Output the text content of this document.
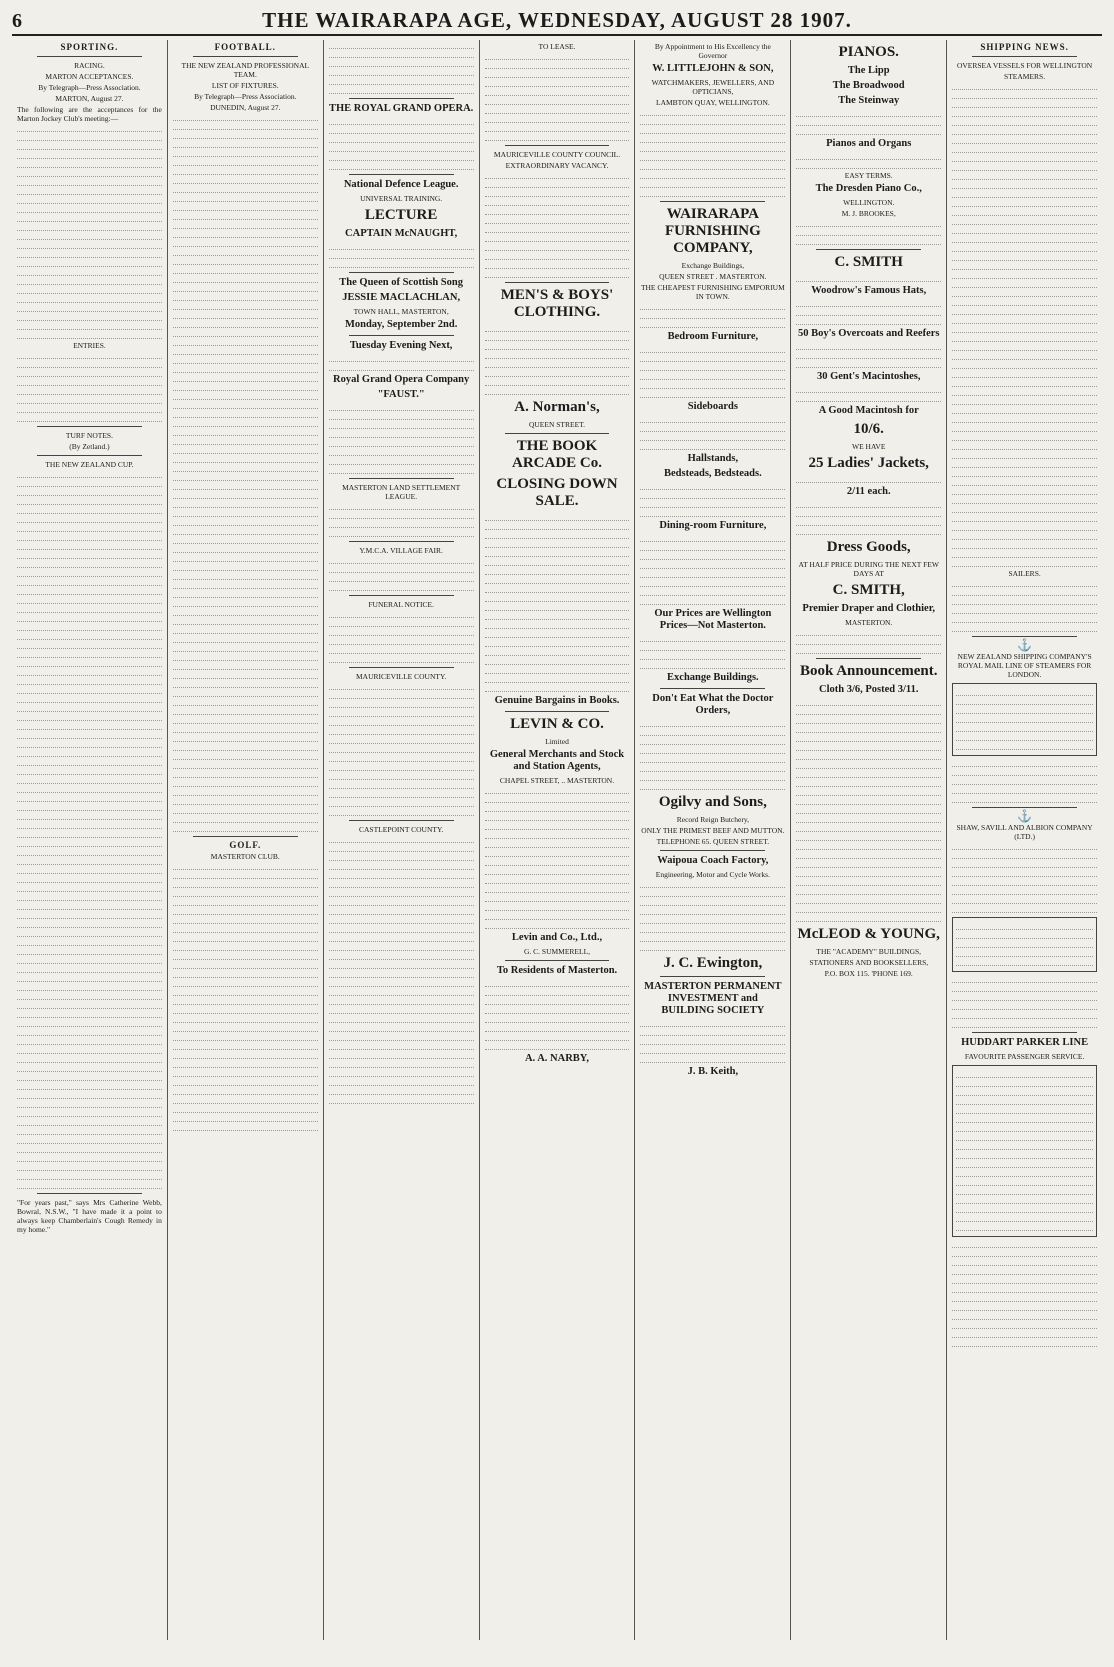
6	THE WAIRARAPA AGE, WEDNESDAY, AUGUST 28 1907.
SPORTING.
RACING.
MARTON ACCEPTANCES.
By Telegraph—Press Association.
MARTON, August 27.
The following are the acceptances for the Marton Jockey Club's meeting:—
ENTRIES.
TURF NOTES.
(By Zetland.)
THE NEW ZEALAND CUP.
"For years past," says Mrs Catherine Webb, Bowral, N.S.W., "I have made it a point to always keep Chamberlain's Cough Remedy in my home."
FOOTBALL.
THE NEW ZEALAND PROFESSIONAL TEAM.
LIST OF FIXTURES.
By Telegraph—Press Association.
DUNEDIN, August 27.
GOLF.
MASTERTON CLUB.
THE ROYAL GRAND OPERA.
National Defence League.
UNIVERSAL TRAINING.
LECTURE
CAPTAIN McNAUGHT,
The Queen of Scottish Song
JESSIE MACLACHLAN,
TOWN HALL, MASTERTON,
Monday, September 2nd.
Tuesday Evening Next,
Royal Grand Opera Company
"FAUST."
MASTERTON LAND SETTLEMENT LEAGUE.
Y.M.C.A. VILLAGE FAIR.
FUNERAL NOTICE.
MAURICEVILLE COUNTY.
CASTLEPOINT COUNTY.
TO LEASE.
MAURICEVILLE COUNTY COUNCIL.
EXTRAORDINARY VACANCY.
MEN'S & BOYS' CLOTHING.
A. Norman's,
QUEEN STREET.
THE BOOK ARCADE Co.
CLOSING DOWN SALE.
Genuine Bargains in Books.
LEVIN & CO.
Limited
General Merchants and Stock and Station Agents,
CHAPEL STREET, .. MASTERTON.
Levin and Co., Ltd.,
G. C. SUMMERELL,
To Residents of Masterton.
A. A. NARBY,
By Appointment to His Excellency the Governor
W. LITTLEJOHN & SON,
WATCHMAKERS, JEWELLERS, AND OPTICIANS,
LAMBTON QUAY, WELLINGTON.
WAIRARAPA FURNISHING COMPANY,
Exchange Buildings,
QUEEN STREET . MASTERTON.
THE CHEAPEST FURNISHING EMPORIUM IN TOWN.
Bedroom Furniture,
Sideboards
Hallstands,
Bedsteads, Bedsteads.
Dining-room Furniture,
Our Prices are Wellington Prices—Not Masterton.
Exchange Buildings.
Don't Eat What the Doctor Orders,
Ogilvy and Sons,
Record Reign Butchery,
ONLY THE PRIMEST BEEF AND MUTTON.
TELEPHONE 65. QUEEN STREET.
Waipoua Coach Factory,
Engineering, Motor and Cycle Works.
J. C. Ewington,
MASTERTON PERMANENT INVESTMENT and BUILDING SOCIETY
J. B. Keith,
PIANOS.
The Lipp
The Broadwood
The Steinway
Pianos and Organs
EASY TERMS.
The Dresden Piano Co.,
WELLINGTON.
M. J. BROOKES,
C. SMITH
Woodrow's Famous Hats,
50 Boy's Overcoats and Reefers
30 Gent's Macintoshes,
A Good Macintosh for
10/6.
WE HAVE
25 Ladies' Jackets,
2/11 each.
Dress Goods,
AT HALF PRICE DURING THE NEXT FEW DAYS AT
C. SMITH,
Premier Draper and Clothier,
MASTERTON.
Book Announcement.
Cloth 3/6, Posted 3/11.
McLEOD & YOUNG,
THE "ACADEMY" BUILDINGS,
STATIONERS AND BOOKSELLERS,
P.O. BOX 115. 'PHONE 169.
SHIPPING NEWS.
OVERSEA VESSELS FOR WELLINGTON
STEAMERS.
SAILERS.
⚓
NEW ZEALAND SHIPPING COMPANY'S ROYAL MAIL LINE OF STEAMERS FOR LONDON.
⚓
SHAW, SAVILL AND ALBION COMPANY (LTD.)
HUDDART PARKER LINE
FAVOURITE PASSENGER SERVICE.
